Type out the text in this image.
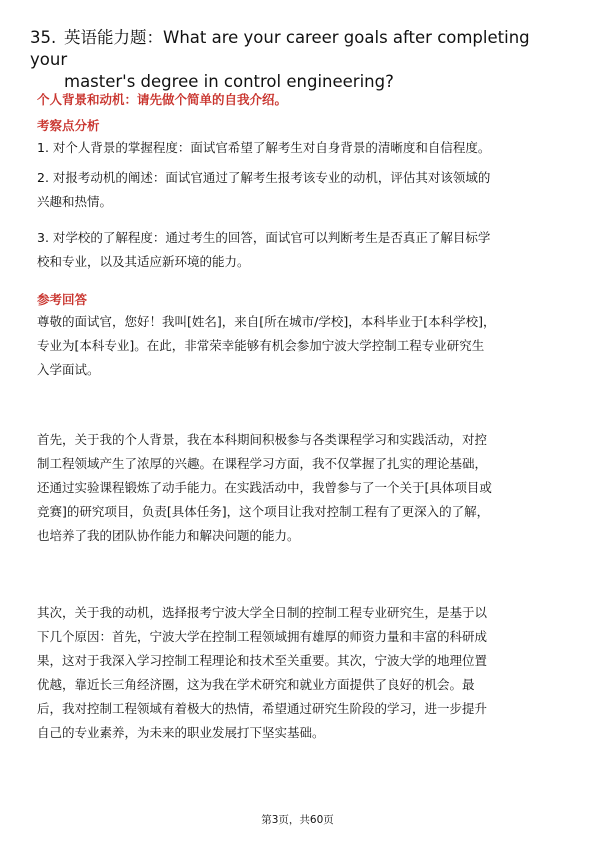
35. 英语能力题：What are your career goals after completing your
master's degree in control engineering?
个人背景和动机：请先做个简单的自我介绍。
考察点分析
1. 对个人背景的掌握程度：面试官希望了解考生对自身背景的清晰度和自信程度。
2. 对报考动机的阐述：面试官通过了解考生报考该专业的动机，评估其对该领域的
兴趣和热情。
3. 对学校的了解程度：通过考生的回答，面试官可以判断考生是否真正了解目标学
校和专业，以及其适应新环境的能力。
参考回答
尊敬的面试官，您好！我叫[姓名]，来自[所在城市/学校]，本科毕业于[本科学校]，
专业为[本科专业]。在此，非常荣幸能够有机会参加宁波大学控制工程专业研究生
入学面试。
首先，关于我的个人背景，我在本科期间积极参与各类课程学习和实践活动，对控
制工程领域产生了浓厚的兴趣。在课程学习方面，我不仅掌握了扎实的理论基础，
还通过实验课程锻炼了动手能力。在实践活动中，我曾参与了一个关于[具体项目或
竞赛]的研究项目，负责[具体任务]，这个项目让我对控制工程有了更深入的了解，
也培养了我的团队协作能力和解决问题的能力。
其次，关于我的动机，选择报考宁波大学全日制的控制工程专业研究生，是基于以
下几个原因：首先，宁波大学在控制工程领域拥有雄厚的师资力量和丰富的科研成
果，这对于我深入学习控制工程理论和技术至关重要。其次，宁波大学的地理位置
优越，靠近长三角经济圈，这为我在学术研究和就业方面提供了良好的机会。最
后，我对控制工程领域有着极大的热情，希望通过研究生阶段的学习，进一步提升
自己的专业素养，为未来的职业发展打下坚实基础。
第3页，共60页
